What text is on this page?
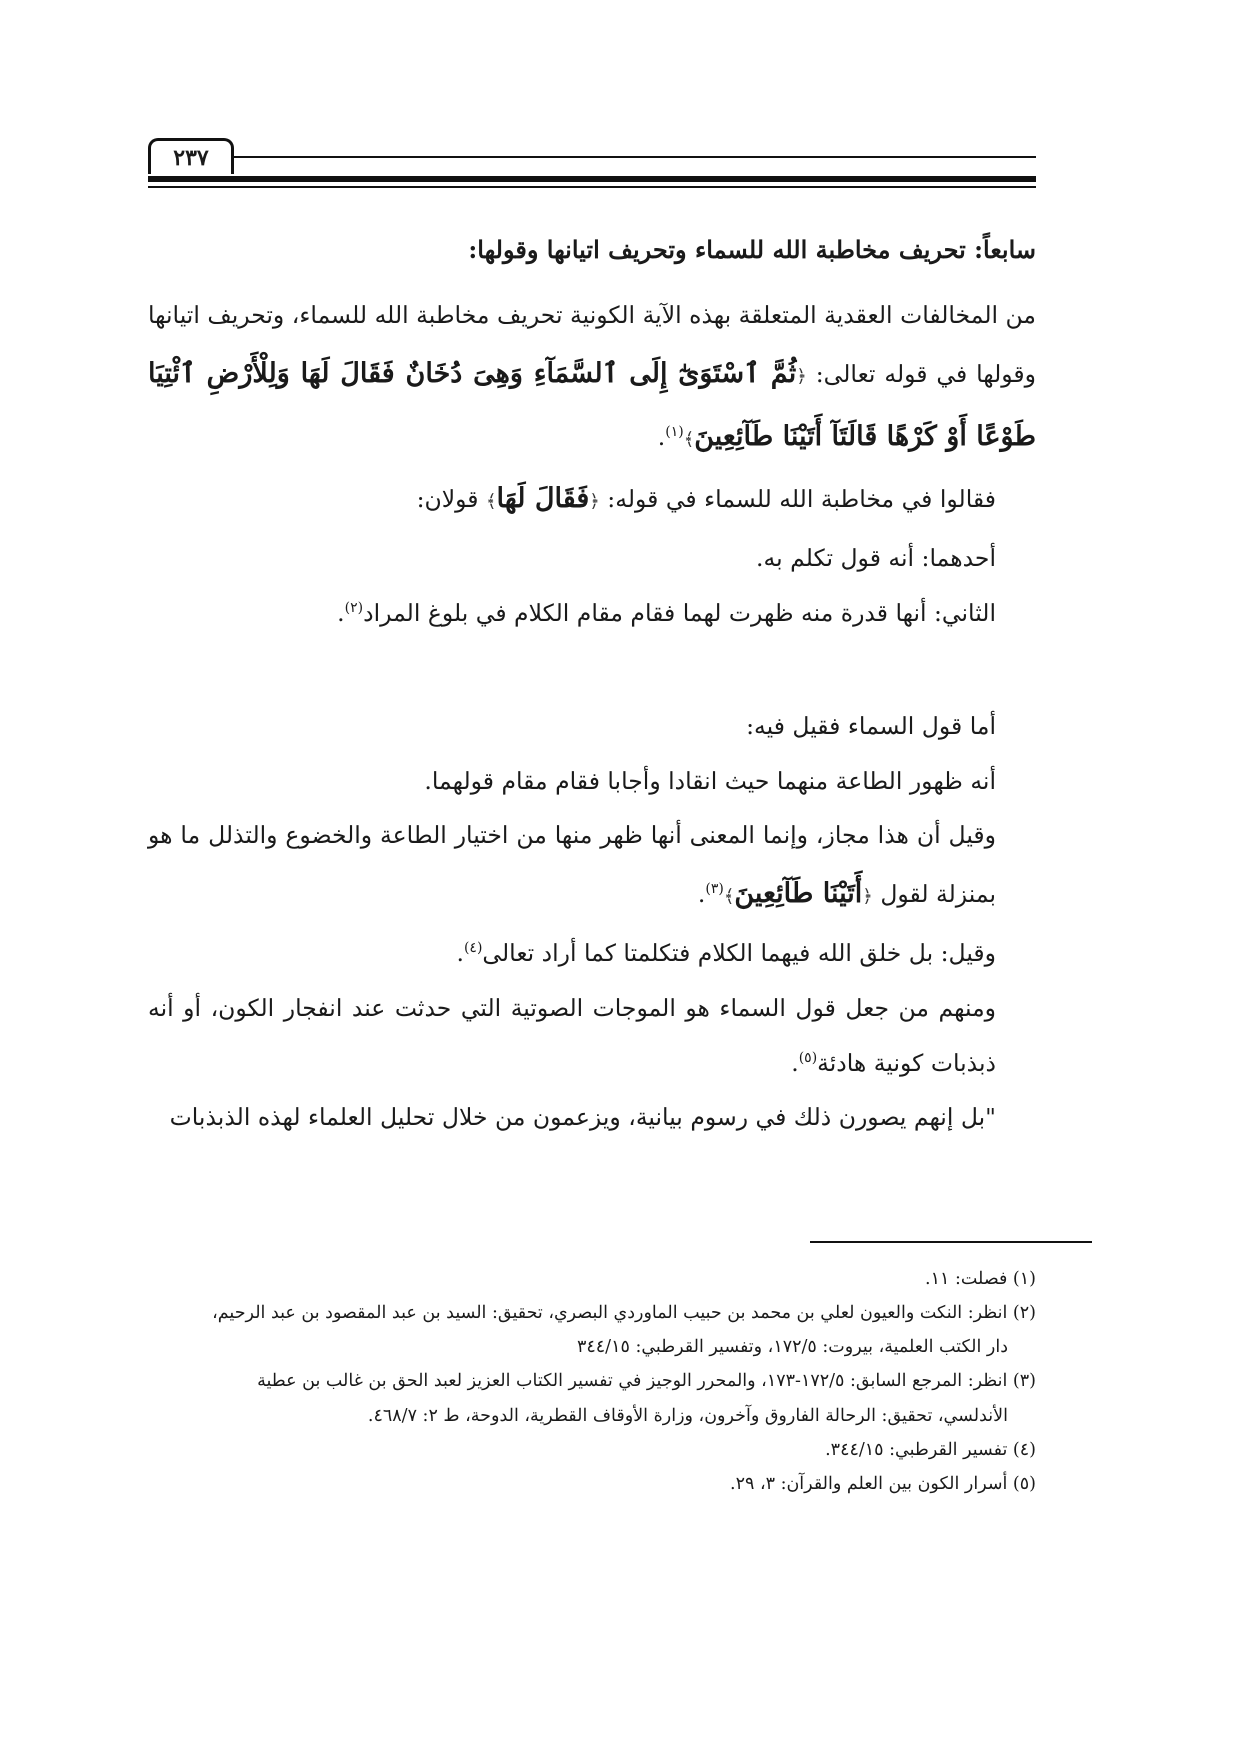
٢٣٧

سابعاً: تحريف مخاطبة الله للسماء وتحريف اتيانها وقولها:

من المخالفات العقدية المتعلقة بهذه الآية الكونية تحريف مخاطبة الله للسماء، وتحريف اتيانها وقولها في قوله تعالى: ﴿ثُمَّ ٱسْتَوَىٰٓ إِلَى ٱلسَّمَآءِ وَهِىَ دُخَانٌ فَقَالَ لَهَا وَلِلْأَرْضِ ٱئْتِيَا طَوْعًا أَوْ كَرْهًا قَالَتَآ أَتَيْنَا طَآئِعِينَ﴾$^{(١)}$.

فقالوا في مخاطبة الله للسماء في قوله: ﴿فَقَالَ لَهَا﴾ قولان:

أحدهما: أنه قول تكلم به.

الثاني: أنها قدرة منه ظهرت لهما فقام مقام الكلام في بلوغ المراد$^{(٢)}$.

أما قول السماء فقيل فيه:

أنه ظهور الطاعة منهما حيث انقادا وأجابا فقام مقام قولهما.

وقيل أن هذا مجاز، وإنما المعنى أنها ظهر منها من اختيار الطاعة والخضوع والتذلل ما هو بمنزلة لقول ﴿أَتَيْنَا طَآئِعِينَ﴾$^{(٣)}$.

وقيل: بل خلق الله فيهما الكلام فتكلمتا كما أراد تعالى$^{(٤)}$.

ومنهم من جعل قول السماء هو الموجات الصوتية التي حدثت عند انفجار الكون، أو أنه ذبذبات كونية هادئة$^{(٥)}$.

"بل إنهم يصورن ذلك في رسوم بيانية، ويزعمون من خلال تحليل العلماء لهذه الذبذبات

(١) فصلت: ١١.

(٢) انظر: النكت والعيون لعلي بن محمد بن حبيب الماوردي البصري، تحقيق: السيد بن عبد المقصود بن عبد الرحيم،

دار الكتب العلمية، بيروت: ١٧٢/٥، وتفسير القرطبي: ٣٤٤/١٥

(٣) انظر: المرجع السابق: ١٧٢/٥-١٧٣، والمحرر الوجيز في تفسير الكتاب العزيز لعبد الحق بن غالب بن عطية

الأندلسي، تحقيق: الرحالة الفاروق وآخرون، وزارة الأوقاف القطرية، الدوحة، ط ٢: ٤٦٨/٧.

(٤) تفسير القرطبي: ٣٤٤/١٥.

(٥) أسرار الكون بين العلم والقرآن: ٣، ٢٩.
